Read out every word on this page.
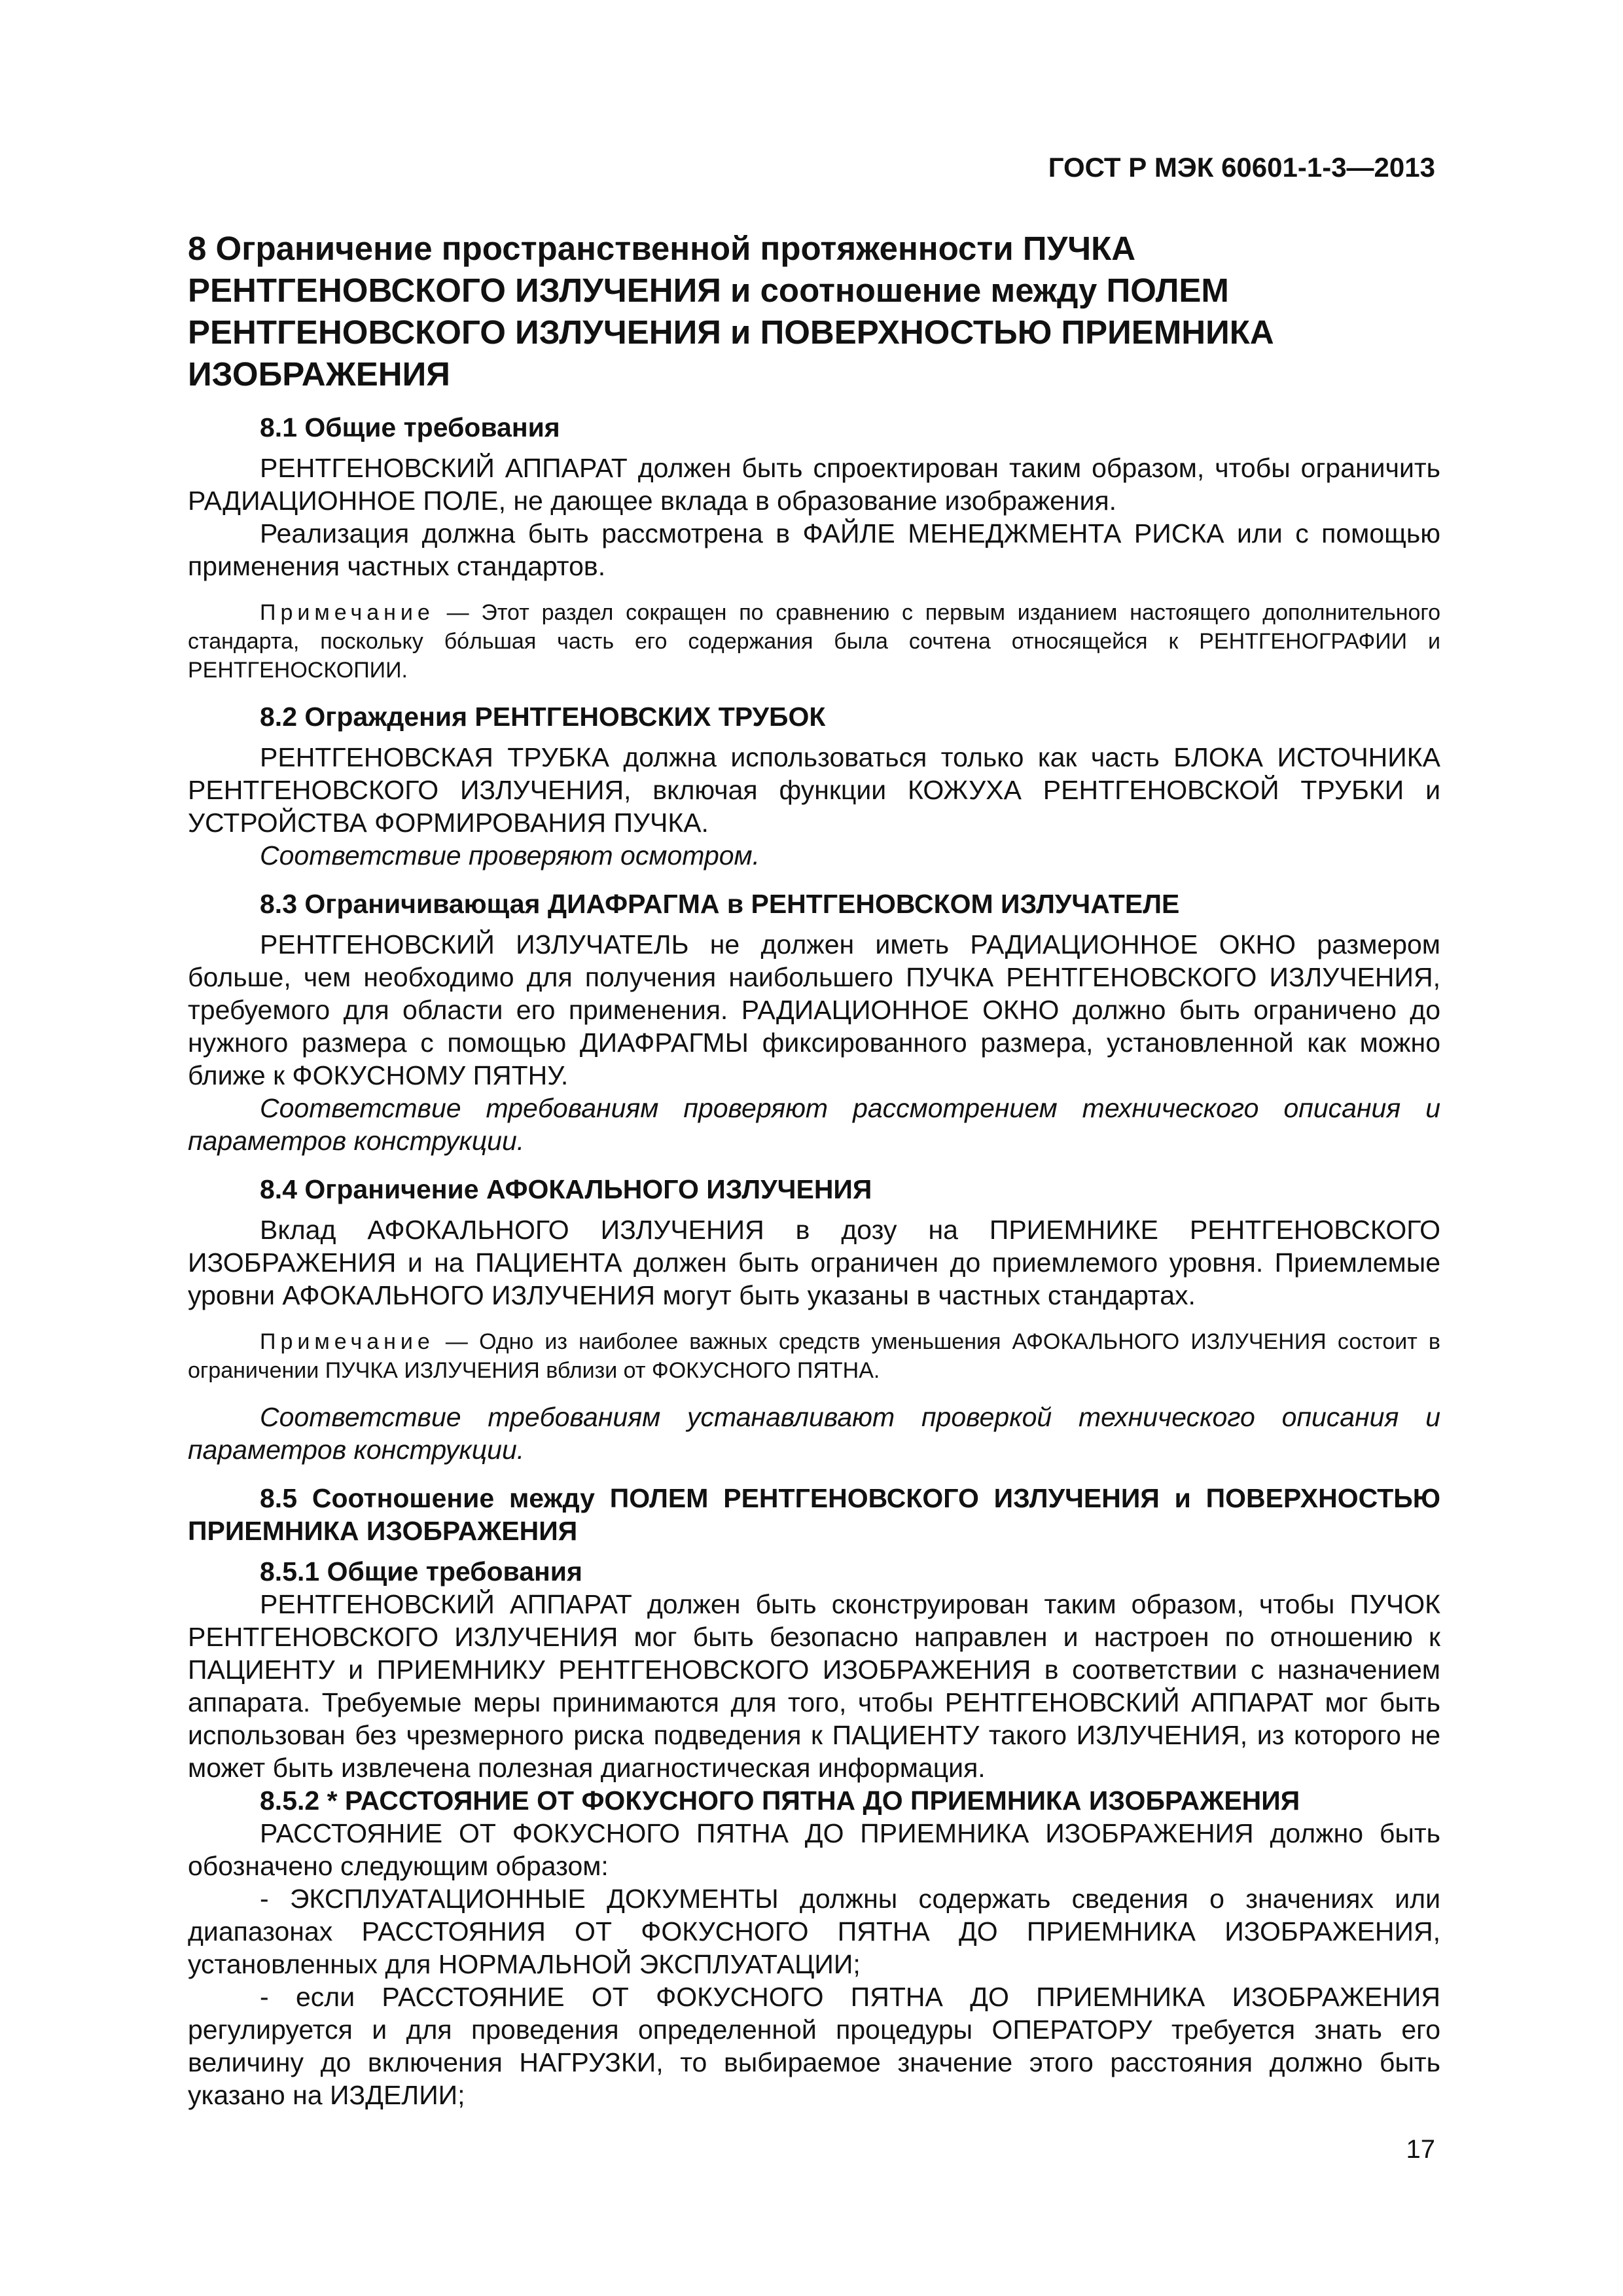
ГОСТ Р МЭК 60601-1-3—2013
8 Ограничение пространственной протяженности ПУЧКА РЕНТГЕНОВСКОГО ИЗЛУЧЕНИЯ и соотношение между ПОЛЕМ РЕНТГЕНОВСКОГО ИЗЛУЧЕНИЯ и ПОВЕРХНОСТЬЮ ПРИЕМНИКА ИЗОБРАЖЕНИЯ

8.1 Общие требования

РЕНТГЕНОВСКИЙ АППАРАТ должен быть спроектирован таким образом, чтобы ограничить РАДИАЦИОННОЕ ПОЛЕ, не дающее вклада в образование изображения.

Реализация должна быть рассмотрена в ФАЙЛЕ МЕНЕДЖМЕНТА РИСКА или с помощью применения частных стандартов.

Примечание — Этот раздел сокращен по сравнению с первым изданием настоящего дополнительного стандарта, поскольку бóльшая часть его содержания была сочтена относящейся к РЕНТГЕНОГРАФИИ и РЕНТГЕНОСКОПИИ.

8.2 Ограждения РЕНТГЕНОВСКИХ ТРУБОК

РЕНТГЕНОВСКАЯ ТРУБКА должна использоваться только как часть БЛОКА ИСТОЧНИКА РЕНТГЕНОВСКОГО ИЗЛУЧЕНИЯ, включая функции КОЖУХА РЕНТГЕНОВСКОЙ ТРУБКИ и УСТРОЙСТВА ФОРМИРОВАНИЯ ПУЧКА.

Соответствие проверяют осмотром.

8.3 Ограничивающая ДИАФРАГМА в РЕНТГЕНОВСКОМ ИЗЛУЧАТЕЛЕ

РЕНТГЕНОВСКИЙ ИЗЛУЧАТЕЛЬ не должен иметь РАДИАЦИОННОЕ ОКНО размером больше, чем необходимо для получения наибольшего ПУЧКА РЕНТГЕНОВСКОГО ИЗЛУЧЕНИЯ, требуемого для области его применения. РАДИАЦИОННОЕ ОКНО должно быть ограничено до нужного размера с помощью ДИАФРАГМЫ фиксированного размера, установленной как можно ближе к ФОКУСНОМУ ПЯТНУ.

Соответствие требованиям проверяют рассмотрением технического описания и параметров конструкции.

8.4 Ограничение АФОКАЛЬНОГО ИЗЛУЧЕНИЯ

Вклад АФОКАЛЬНОГО ИЗЛУЧЕНИЯ в дозу на ПРИЕМНИКЕ РЕНТГЕНОВСКОГО ИЗОБРАЖЕНИЯ и на ПАЦИЕНТА должен быть ограничен до приемлемого уровня. Приемлемые уровни АФОКАЛЬНОГО ИЗЛУЧЕНИЯ могут быть указаны в частных стандартах.

Примечание — Одно из наиболее важных средств уменьшения АФОКАЛЬНОГО ИЗЛУЧЕНИЯ состоит в ограничении ПУЧКА ИЗЛУЧЕНИЯ вблизи от ФОКУСНОГО ПЯТНА.

Соответствие требованиям устанавливают проверкой технического описания и параметров конструкции.

8.5 Соотношение между ПОЛЕМ РЕНТГЕНОВСКОГО ИЗЛУЧЕНИЯ и ПОВЕРХНОСТЬЮ ПРИЕМНИКА ИЗОБРАЖЕНИЯ

8.5.1 Общие требования

РЕНТГЕНОВСКИЙ АППАРАТ должен быть сконструирован таким образом, чтобы ПУЧОК РЕНТГЕНОВСКОГО ИЗЛУЧЕНИЯ мог быть безопасно направлен и настроен по отношению к ПАЦИЕНТУ и ПРИЕМНИКУ РЕНТГЕНОВСКОГО ИЗОБРАЖЕНИЯ в соответствии с назначением аппарата. Требуемые меры принимаются для того, чтобы РЕНТГЕНОВСКИЙ АППАРАТ мог быть использован без чрезмерного риска подведения к ПАЦИЕНТУ такого ИЗЛУЧЕНИЯ, из которого не может быть извлечена полезная диагностическая информация.

8.5.2 * РАССТОЯНИЕ ОТ ФОКУСНОГО ПЯТНА ДО ПРИЕМНИКА ИЗОБРАЖЕНИЯ

РАССТОЯНИЕ ОТ ФОКУСНОГО ПЯТНА ДО ПРИЕМНИКА ИЗОБРАЖЕНИЯ должно быть обозначено следующим образом:

- ЭКСПЛУАТАЦИОННЫЕ ДОКУМЕНТЫ должны содержать сведения о значениях или диапазонах РАССТОЯНИЯ ОТ ФОКУСНОГО ПЯТНА ДО ПРИЕМНИКА ИЗОБРАЖЕНИЯ, установленных для НОРМАЛЬНОЙ ЭКСПЛУАТАЦИИ;

- если РАССТОЯНИЕ ОТ ФОКУСНОГО ПЯТНА ДО ПРИЕМНИКА ИЗОБРАЖЕНИЯ регулируется и для проведения определенной процедуры ОПЕРАТОРУ требуется знать его величину до включения НАГРУЗКИ, то выбираемое значение этого расстояния должно быть указано на ИЗДЕЛИИ;

17
